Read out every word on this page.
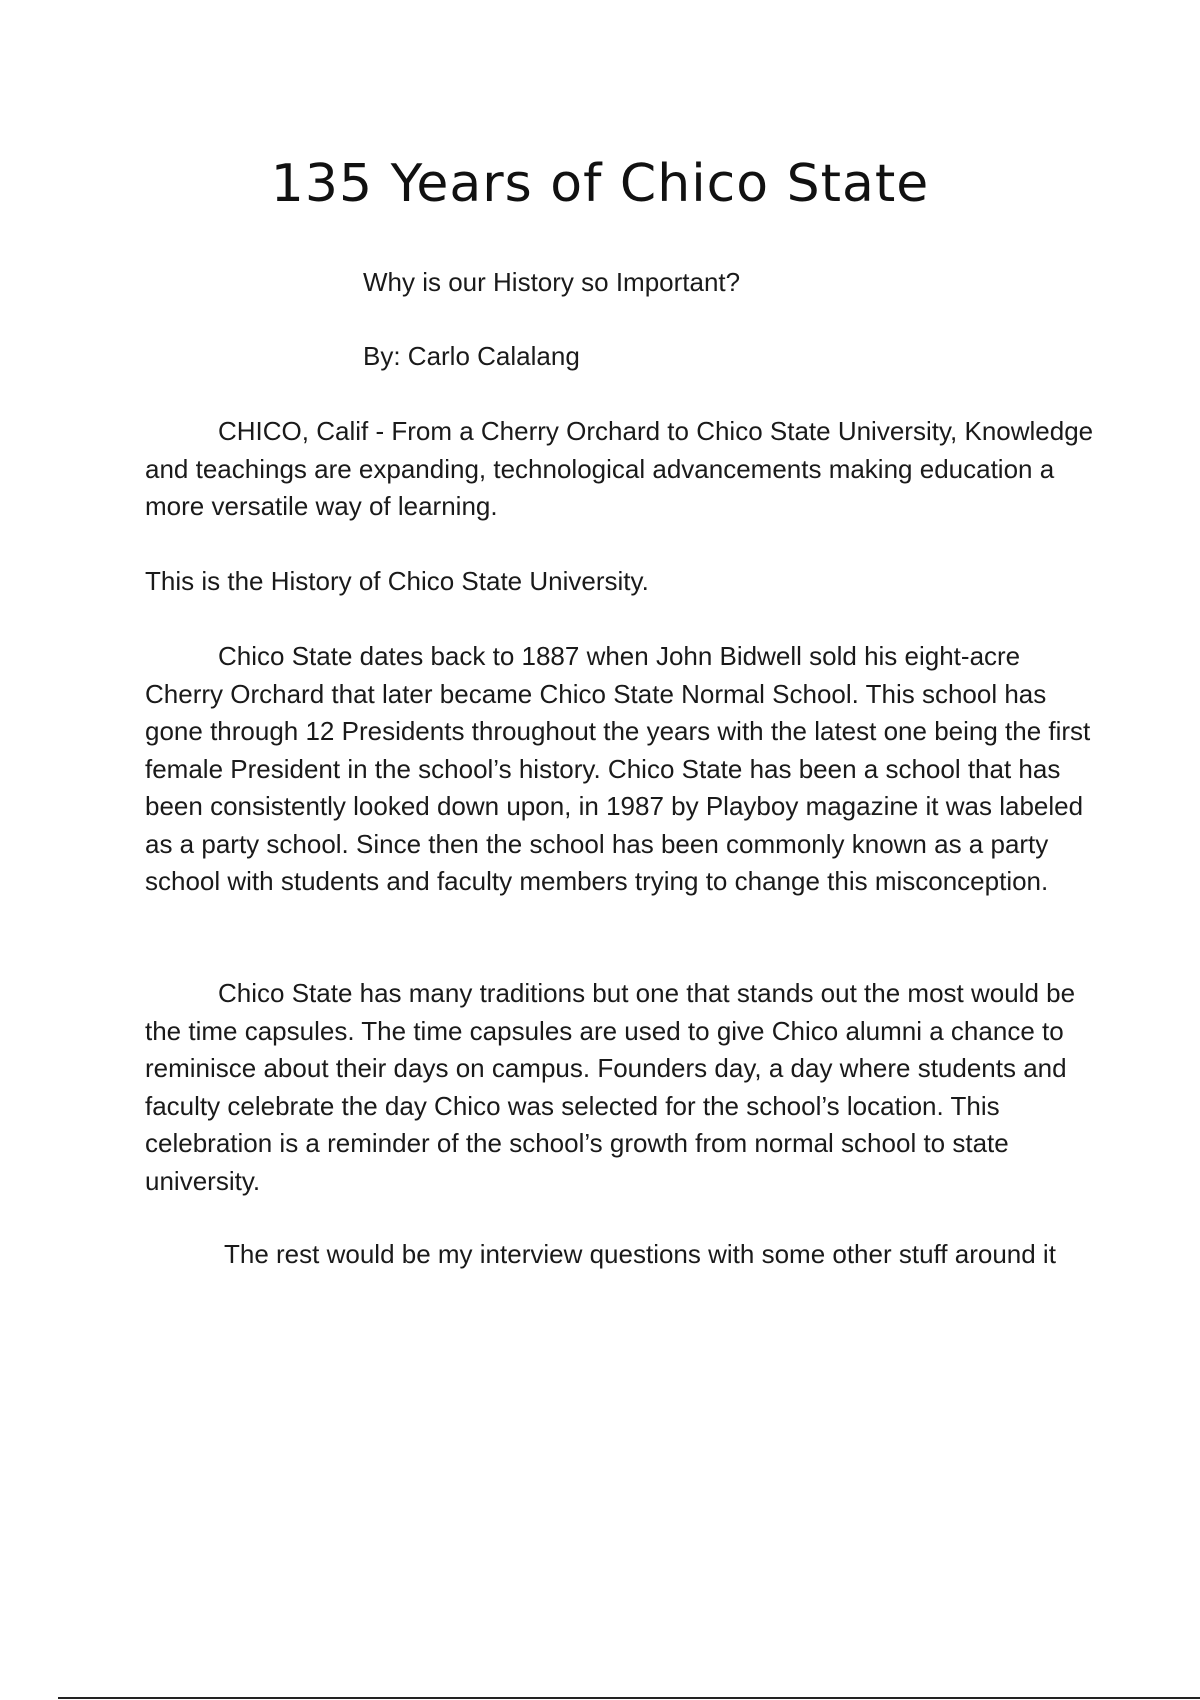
135 Years of Chico State

Why is our History so Important?

By: Carlo Calalang

CHICO, Calif - From a Cherry Orchard to Chico State University, Knowledge and teachings are expanding, technological advancements making education a more versatile way of learning.

This is the History of Chico State University.

Chico State dates back to 1887 when John Bidwell sold his eight-acre Cherry Orchard that later became Chico State Normal School. This school has gone through 12 Presidents throughout the years with the latest one being the first female President in the school’s history. Chico State has been a school that has been consistently looked down upon, in 1987 by Playboy magazine it was labeled as a party school. Since then the school has been commonly known as a party school with students and faculty members trying to change this misconception.

Chico State has many traditions but one that stands out the most would be the time capsules. The time capsules are used to give Chico alumni a chance to reminisce about their days on campus. Founders day, a day where students and faculty celebrate the day Chico was selected for the school’s location. This celebration is a reminder of the school’s growth from normal school to state university.

The rest would be my interview questions with some other stuff around it
